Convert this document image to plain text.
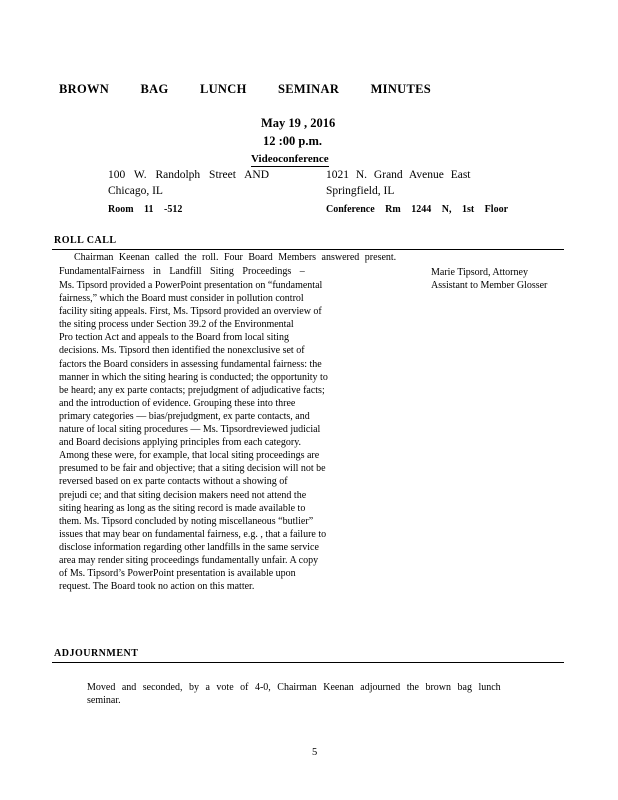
BROWN BAG LUNCH SEMINAR MINUTES
May 19 , 2016
12 :00 p.m.
Videoconference
100 W. Randolph Street AND
Chicago, IL
Room 11 -512
1021 N. Grand Avenue East
Springfield, IL
Conference Rm 1244 N, 1st Floor
ROLL CALL
Chairman Keenan called the roll. Four Board Members answered present.
FundamentalFairness in Landfill Siting Proceedings –
Ms. Tipsord provided a PowerPoint presentation on “fundamental
fairness,” which the Board must consider in pollution control
facility siting appeals. First, Ms. Tipsord provided an overview of
the siting process under Section 39.2 of the Environmental
Pro tection Act and appeals to the Board from local siting
decisions. Ms. Tipsord then identified the nonexclusive set of
factors the Board considers in assessing fundamental fairness: the
manner in which the siting hearing is conducted; the opportunity to
be heard; any ex parte contacts; prejudgment of adjudicative facts;
and the introduction of evidence. Grouping these into three
primary categories — bias/prejudgment, ex parte contacts, and
nature of local siting procedures — Ms. Tipsordreviewed judicial
and Board decisions applying principles from each category.
Among these were, for example, that local siting proceedings are
presumed to be fair and objective; that a siting decision will not be
reversed based on ex parte contacts without a showing of
prejudi ce; and that siting decision makers need not attend the
siting hearing as long as the siting record is made available to
them. Ms. Tipsord concluded by noting miscellaneous “butlier”
issues that may bear on fundamental fairness, e.g. , that a failure to
disclose information regarding other landfills in the same service
area may render siting proceedings fundamentally unfair. A copy
of Ms. Tipsord’s PowerPoint presentation is available upon
request. The Board took no action on this matter.
Marie Tipsord, Attorney Assistant to Member Glosser
ADJOURNMENT
Moved and seconded, by a vote of 4-0, Chairman Keenan adjourned the brown bag lunch
seminar.
5
